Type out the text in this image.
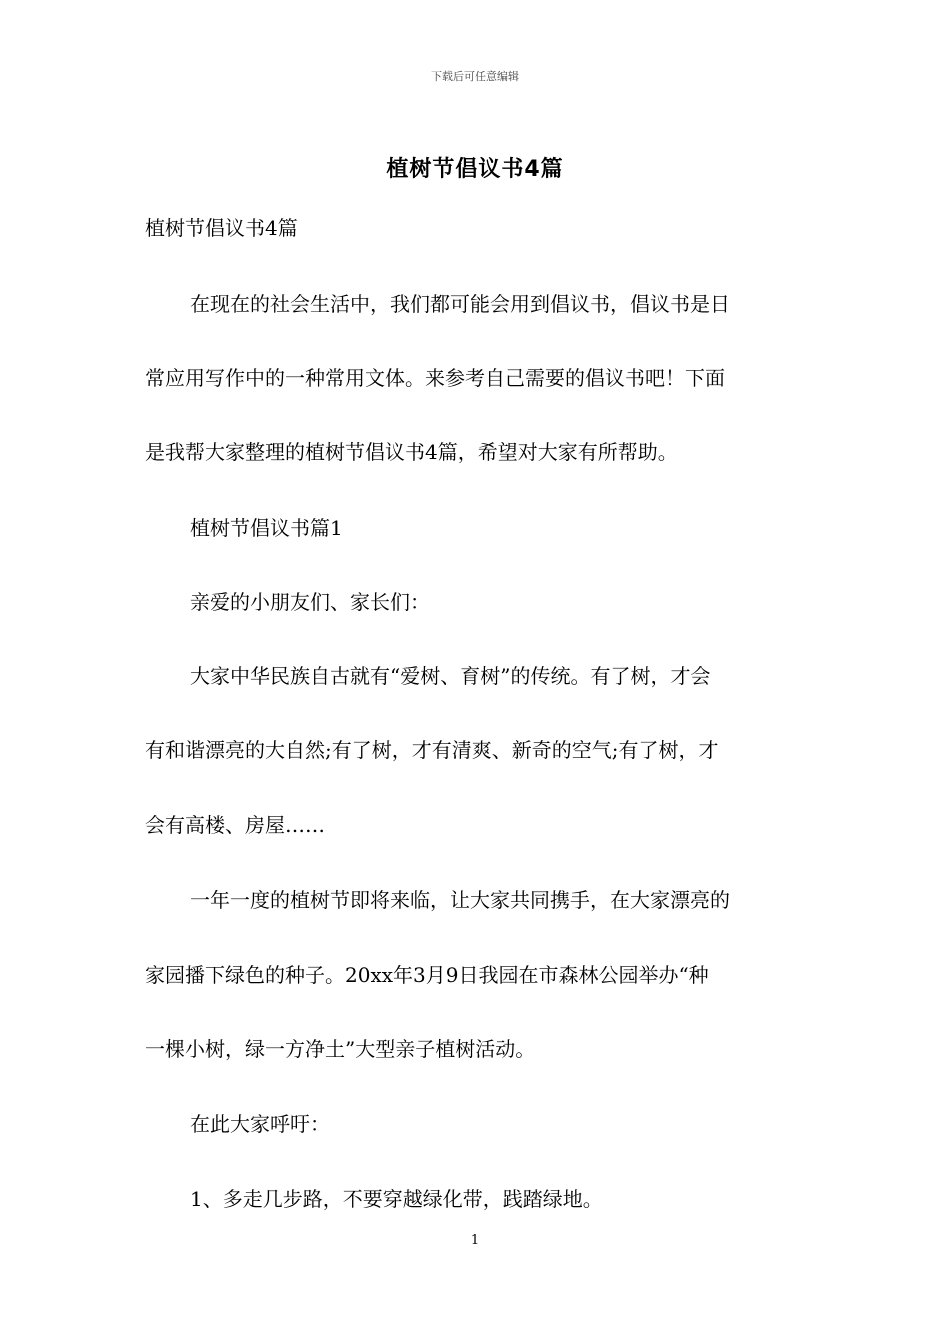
下载后可任意编辑
植树节倡议书4篇
植树节倡议书4篇
在现在的社会生活中，我们都可能会用到倡议书，倡议书是日
常应用写作中的一种常用文体。来参考自己需要的倡议书吧！下面
是我帮大家整理的植树节倡议书4篇，希望对大家有所帮助。
植树节倡议书篇1
亲爱的小朋友们、家长们：
大家中华民族自古就有“爱树、育树”的传统。有了树，才会
有和谐漂亮的大自然;有了树，才有清爽、新奇的空气;有了树，才
会有高楼、房屋……
一年一度的植树节即将来临，让大家共同携手，在大家漂亮的
家园播下绿色的种子。20xx年3月9日我园在市森林公园举办“种
一棵小树，绿一方净土”大型亲子植树活动。
在此大家呼吁：
1、多走几步路，不要穿越绿化带，践踏绿地。
1
